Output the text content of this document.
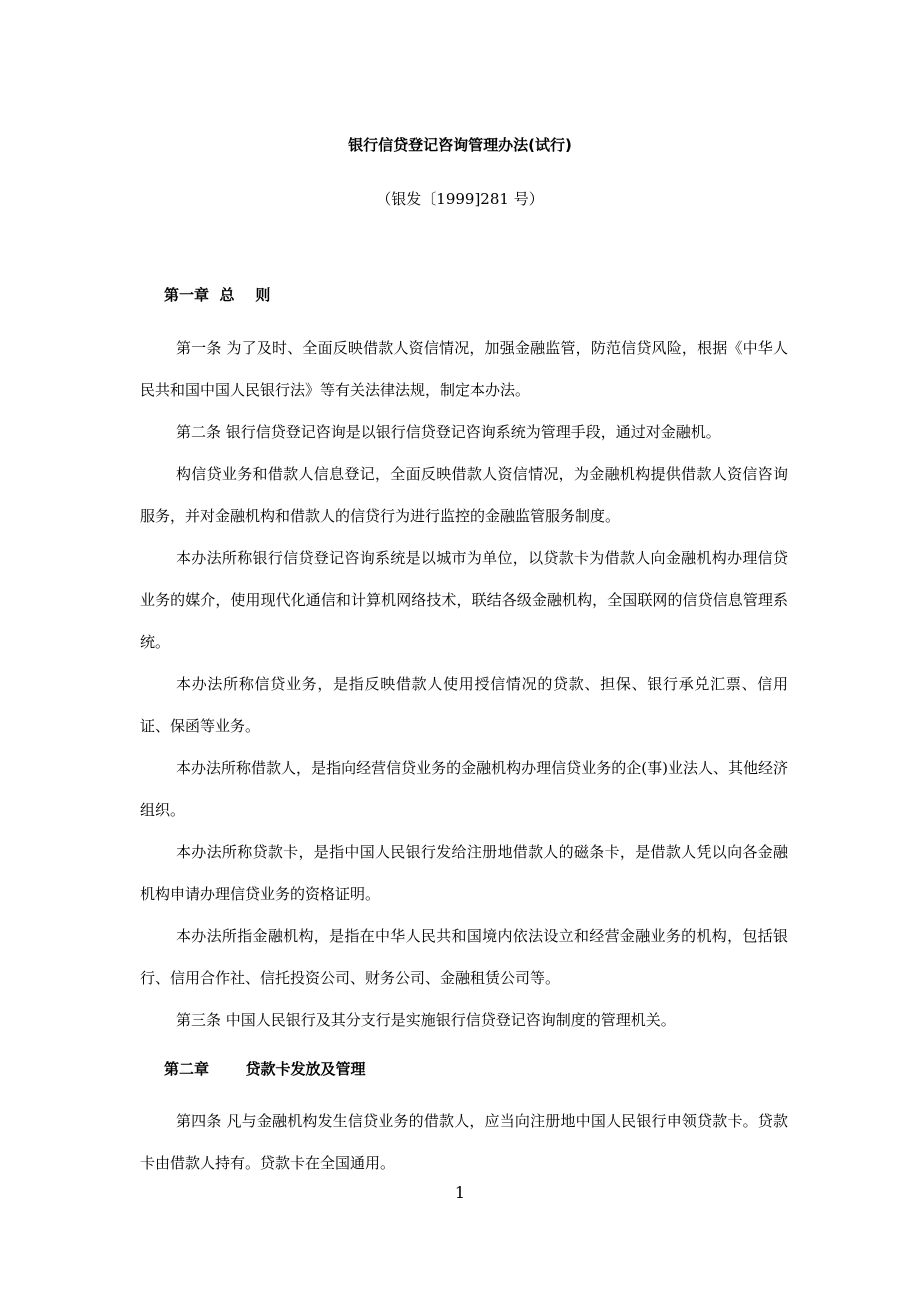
银行信贷登记咨询管理办法(试行)
（银发〔1999]281 号）
第一章  总    则

第一条 为了及时、全面反映借款人资信情况，加强金融监管，防范信贷风险，根据《中华人民共和国中国人民银行法》等有关法律法规，制定本办法。

第二条 银行信贷登记咨询是以银行信贷登记咨询系统为管理手段，通过对金融机。

构信贷业务和借款人信息登记，全面反映借款人资信情况，为金融机构提供借款人资信咨询服务，并对金融机构和借款人的信贷行为进行监控的金融监管服务制度。

本办法所称银行信贷登记咨询系统是以城市为单位，以贷款卡为借款人向金融机构办理信贷业务的媒介，使用现代化通信和计算机网络技术，联结各级金融机构，全国联网的信贷信息管理系统。

本办法所称信贷业务，是指反映借款人使用授信情况的贷款、担保、银行承兑汇票、信用证、保函等业务。

本办法所称借款人，是指向经营信贷业务的金融机构办理信贷业务的企(事)业法人、其他经济组织。

本办法所称贷款卡，是指中国人民银行发给注册地借款人的磁条卡，是借款人凭以向各金融机构申请办理信贷业务的资格证明。

本办法所指金融机构，是指在中华人民共和国境内依法设立和经营金融业务的机构，包括银行、信用合作社、信托投资公司、财务公司、金融租赁公司等。

第三条 中国人民银行及其分支行是实施银行信贷登记咨询制度的管理机关。

第二章       贷款卡发放及管理

第四条 凡与金融机构发生信贷业务的借款人，应当向注册地中国人民银行申领贷款卡。贷款卡由借款人持有。贷款卡在全国通用。

1
